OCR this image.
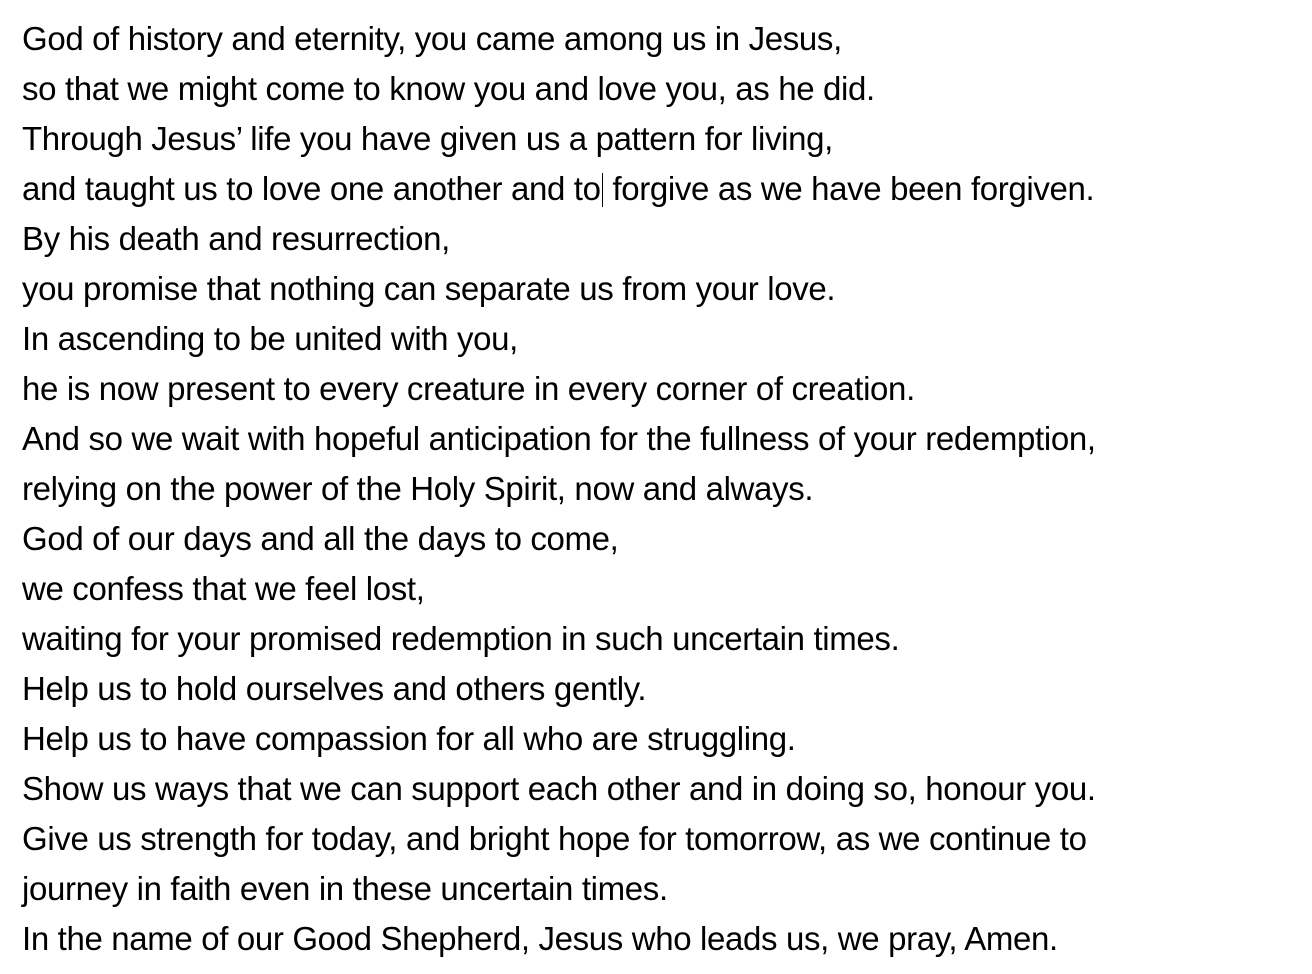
God of history and eternity, you came among us in Jesus,
so that we might come to know you and love you, as he did.
Through Jesus’ life you have given us a pattern for living,
and taught us to love one another and to forgive as we have been forgiven.
By his death and resurrection,
you promise that nothing can separate us from your love.
In ascending to be united with you,
he is now present to every creature in every corner of creation.
And so we wait with hopeful anticipation for the fullness of your redemption,
relying on the power of the Holy Spirit, now and always.
God of our days and all the days to come,
we confess that we feel lost,
waiting for your promised redemption in such uncertain times.
Help us to hold ourselves and others gently.
Help us to have compassion for all who are struggling.
Show us ways that we can support each other and in doing so, honour you.
Give us strength for today, and bright hope for tomorrow, as we continue to
journey in faith even in these uncertain times.
In the name of our Good Shepherd, Jesus who leads us, we pray, Amen.
